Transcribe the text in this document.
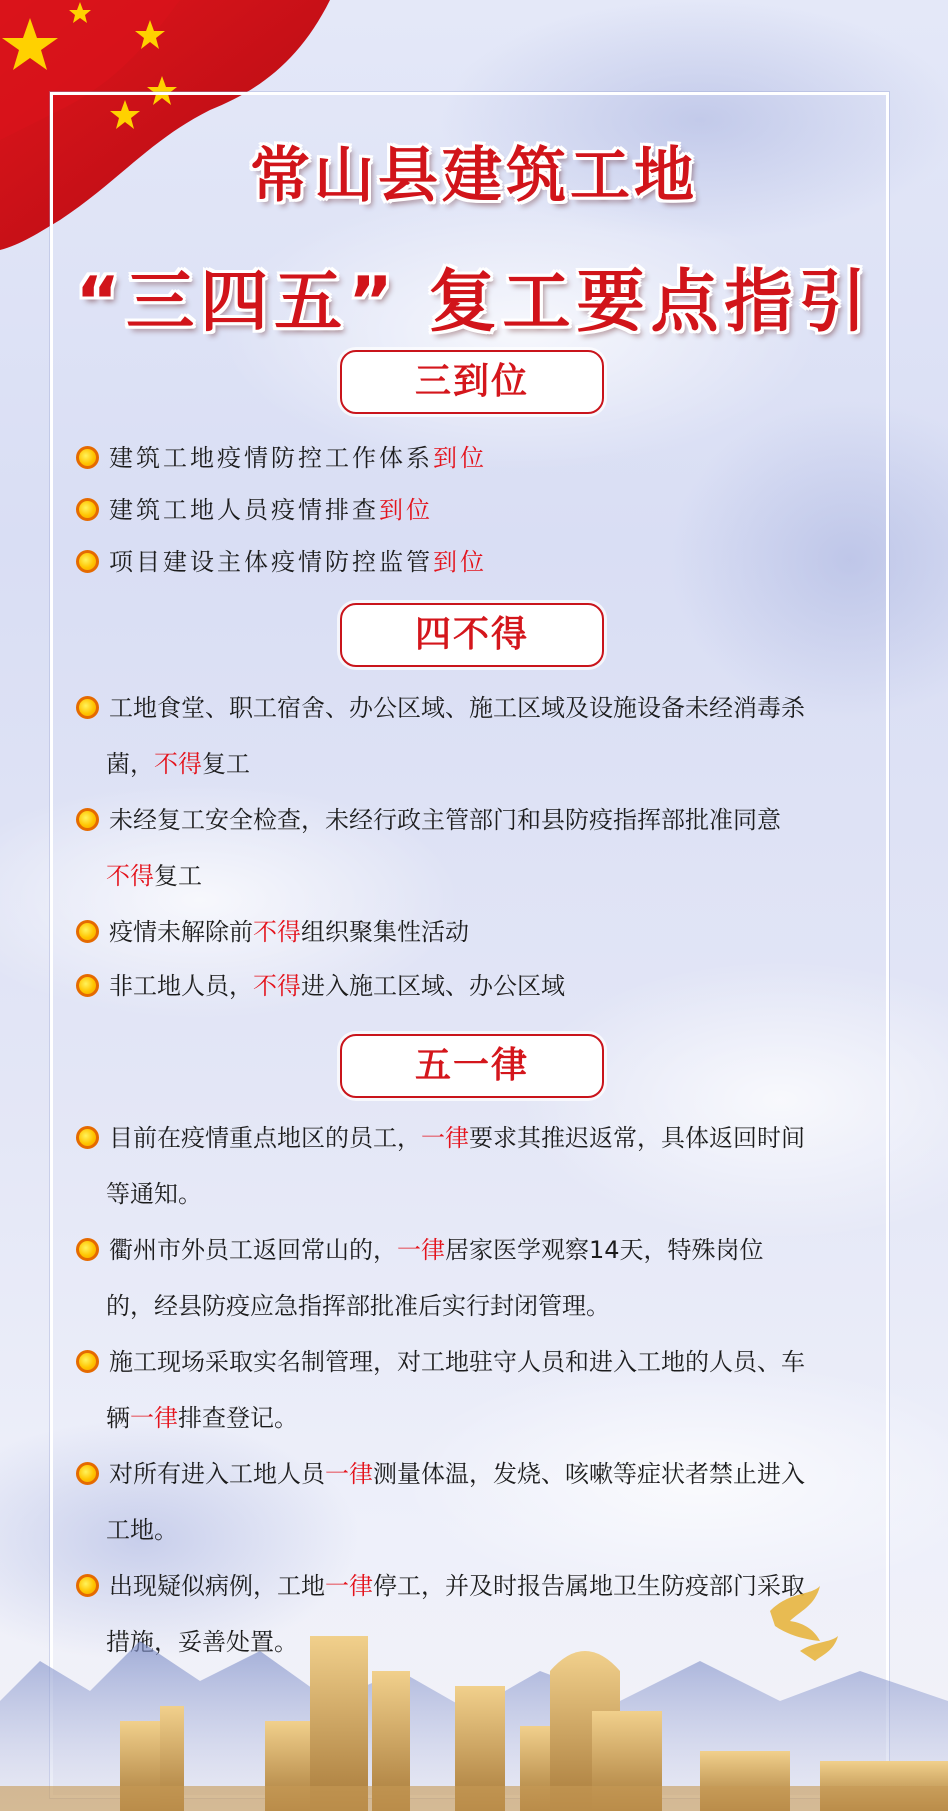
常山县建筑工地
“三四五” 复工要点指引
三到位
建筑工地疫情防控工作体系到位
建筑工地人员疫情排查到位
项目建设主体疫情防控监管到位
四不得
工地食堂、职工宿舍、办公区域、施工区域及设施设备未经消毒杀
菌，不得复工
未经复工安全检查，未经行政主管部门和县防疫指挥部批准同意
不得复工
疫情未解除前不得组织聚集性活动
非工地人员，不得进入施工区域、办公区域
五一律
目前在疫情重点地区的员工，一律要求其推迟返常，具体返回时间
等通知。
衢州市外员工返回常山的，一律居家医学观察14天，特殊岗位
的，经县防疫应急指挥部批准后实行封闭管理。
施工现场采取实名制管理，对工地驻守人员和进入工地的人员、车
辆一律排查登记。
对所有进入工地人员一律测量体温，发烧、咳嗽等症状者禁止进入
工地。
出现疑似病例，工地一律停工，并及时报告属地卫生防疫部门采取
措施，妥善处置。
